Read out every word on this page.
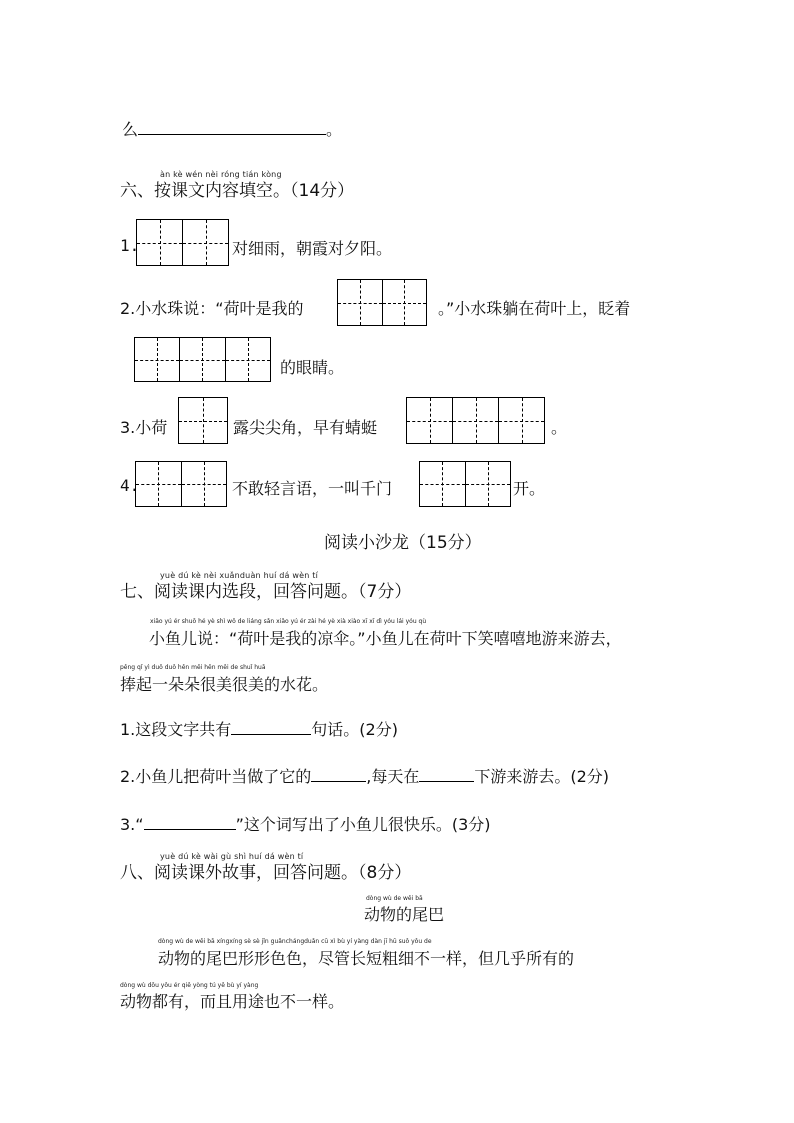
么	。
àn kè wén nèi róng tián kòng
六、按课文内容填空。（14分）
1.	对细雨，朝霞对夕阳。
2.小水珠说：“荷叶是我的	。”小水珠躺在荷叶上，眨着
的眼睛。
3.小荷	露尖尖角，早有蜻蜓	。
4.	不敢轻言语，一叫千门	开。
阅读小沙龙（15分）
yuè dú kè nèi xuǎnduàn huí dá wèn tí
七、阅读课内选段，回答问题。（7分）
xiǎo yú ér shuō hé yè shì wǒ de liáng sǎn xiǎo yú ér zài hé yè xià xiào xī xī dì yóu lái yóu qù
小鱼儿说：“荷叶是我的凉伞。”小鱼儿在荷叶下笑嘻嘻地游来游去，
pěng qǐ yì duǒ duǒ hěn měi hěn měi de shuǐ huā
捧起一朵朵很美很美的水花。
1.这段文字共有	句话。(2分)
2.小鱼儿把荷叶当做了它的	,每天在	下游来游去。(2分)
3.“	”这个词写出了小鱼儿很快乐。(3分)
yuè dú kè wài gù shì huí dá wèn tí
八、阅读课外故事，回答问题。（8分）
dòng wù de wěi bā
动物的尾巴
dòng wù de wěi bā xíngxíng sè sè jǐn guǎnchángduǎn cū xì bù yí yàng dàn jī hū suǒ yǒu de
动物的尾巴形形色色，尽管长短粗细不一样，但几乎所有的
dòng wù dōu yǒu ér qiě yòng tú yě bù yí yàng
动物都有，而且用途也不一样。
